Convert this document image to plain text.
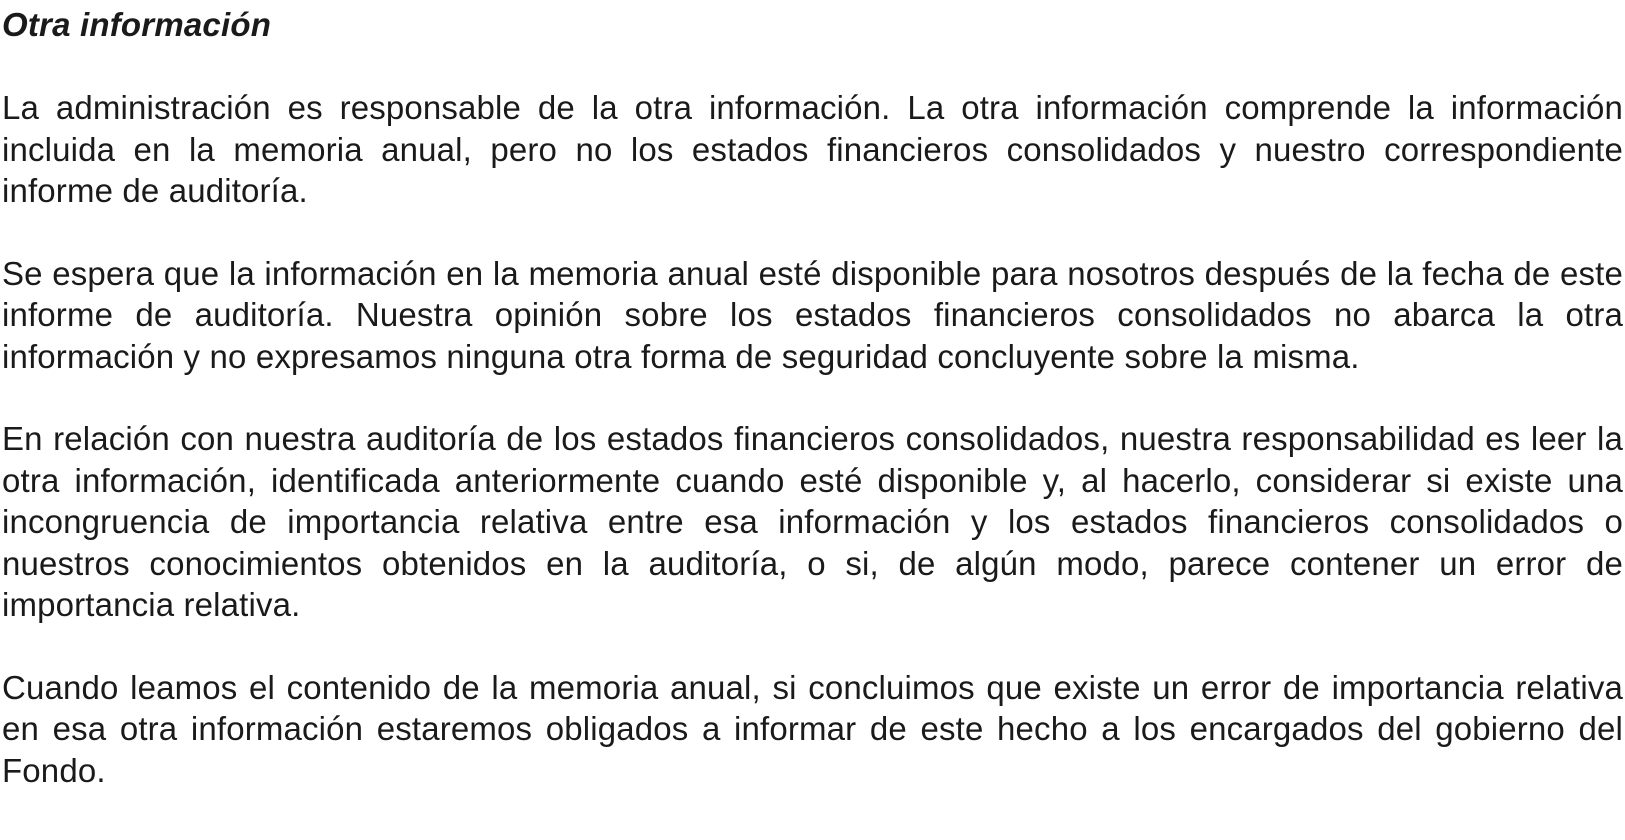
Otra información

La administración es responsable de la otra información. La otra información comprende la información incluida en la memoria anual, pero no los estados financieros consolidados y nuestro correspondiente informe de auditoría.

Se espera que la información en la memoria anual esté disponible para nosotros después de la fecha de este informe de auditoría. Nuestra opinión sobre los estados financieros consolidados no abarca la otra información y no expresamos ninguna otra forma de seguridad concluyente sobre la misma.

En relación con nuestra auditoría de los estados financieros consolidados, nuestra responsabilidad es leer la otra información, identificada anteriormente cuando esté disponible y, al hacerlo, considerar si existe una incongruencia de importancia relativa entre esa información y los estados financieros consolidados o nuestros conocimientos obtenidos en la auditoría, o si, de algún modo, parece contener un error de importancia relativa.

Cuando leamos el contenido de la memoria anual, si concluimos que existe un error de importancia relativa en esa otra información estaremos obligados a informar de este hecho a los encargados del gobierno del Fondo.
